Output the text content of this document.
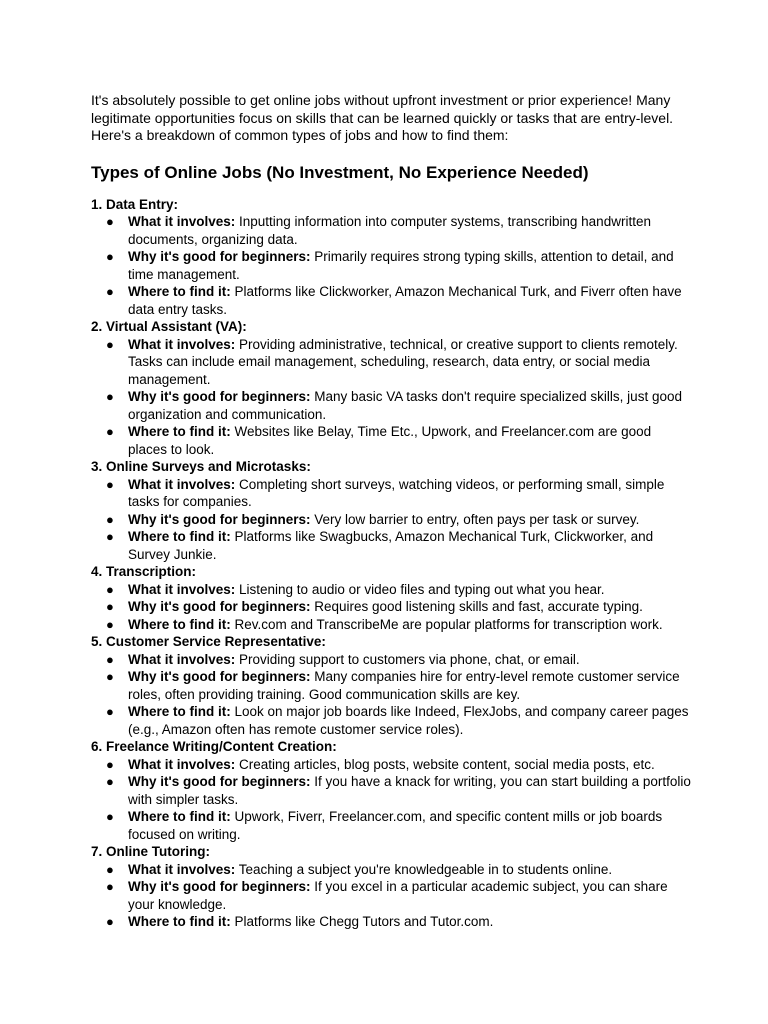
It's absolutely possible to get online jobs without upfront investment or prior experience! Many legitimate opportunities focus on skills that can be learned quickly or tasks that are entry-level. Here's a breakdown of common types of jobs and how to find them:

Types of Online Jobs (No Investment, No Experience Needed)
1. Data Entry:
● What it involves: Inputting information into computer systems, transcribing handwritten documents, organizing data.
● Why it's good for beginners: Primarily requires strong typing skills, attention to detail, and time management.
● Where to find it: Platforms like Clickworker, Amazon Mechanical Turk, and Fiverr often have data entry tasks.
2. Virtual Assistant (VA):
● What it involves: Providing administrative, technical, or creative support to clients remotely. Tasks can include email management, scheduling, research, data entry, or social media management.
● Why it's good for beginners: Many basic VA tasks don't require specialized skills, just good organization and communication.
● Where to find it: Websites like Belay, Time Etc., Upwork, and Freelancer.com are good places to look.
3. Online Surveys and Microtasks:
● What it involves: Completing short surveys, watching videos, or performing small, simple tasks for companies.
● Why it's good for beginners: Very low barrier to entry, often pays per task or survey.
● Where to find it: Platforms like Swagbucks, Amazon Mechanical Turk, Clickworker, and Survey Junkie.
4. Transcription:
● What it involves: Listening to audio or video files and typing out what you hear.
● Why it's good for beginners: Requires good listening skills and fast, accurate typing.
● Where to find it: Rev.com and TranscribeMe are popular platforms for transcription work.
5. Customer Service Representative:
● What it involves: Providing support to customers via phone, chat, or email.
● Why it's good for beginners: Many companies hire for entry-level remote customer service roles, often providing training. Good communication skills are key.
● Where to find it: Look on major job boards like Indeed, FlexJobs, and company career pages (e.g., Amazon often has remote customer service roles).
6. Freelance Writing/Content Creation:
● What it involves: Creating articles, blog posts, website content, social media posts, etc.
● Why it's good for beginners: If you have a knack for writing, you can start building a portfolio with simpler tasks.
● Where to find it: Upwork, Fiverr, Freelancer.com, and specific content mills or job boards focused on writing.
7. Online Tutoring:
● What it involves: Teaching a subject you're knowledgeable in to students online.
● Why it's good for beginners: If you excel in a particular academic subject, you can share your knowledge.
● Where to find it: Platforms like Chegg Tutors and Tutor.com.
